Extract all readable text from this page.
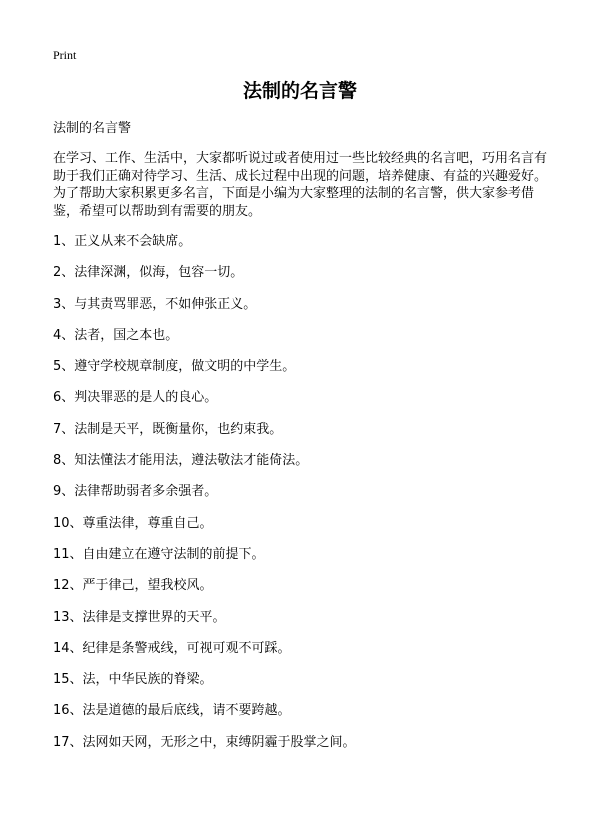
Print
法制的名言警
法制的名言警

在学习、工作、生活中，大家都听说过或者使用过一些比较经典的名言吧，巧用名言有助于我们正确对待学习、生活、成长过程中出现的问题，培养健康、有益的兴趣爱好。为了帮助大家积累更多名言，下面是小编为大家整理的法制的名言警，供大家参考借鉴，希望可以帮助到有需要的朋友。

1、正义从来不会缺席。
2、法律深渊，似海，包容一切。
3、与其责骂罪恶，不如伸张正义。
4、法者，国之本也。
5、遵守学校规章制度，做文明的中学生。
6、判决罪恶的是人的良心。
7、法制是天平，既衡量你，也约束我。
8、知法懂法才能用法，遵法敬法才能倚法。
9、法律帮助弱者多余强者。
10、尊重法律，尊重自己。
11、自由建立在遵守法制的前提下。
12、严于律己，望我校风。
13、法律是支撑世界的天平。
14、纪律是条警戒线，可视可观不可踩。
15、法，中华民族的脊梁。
16、法是道德的最后底线，请不要跨越。
17、法网如天网，无形之中，束缚阴霾于股掌之间。
